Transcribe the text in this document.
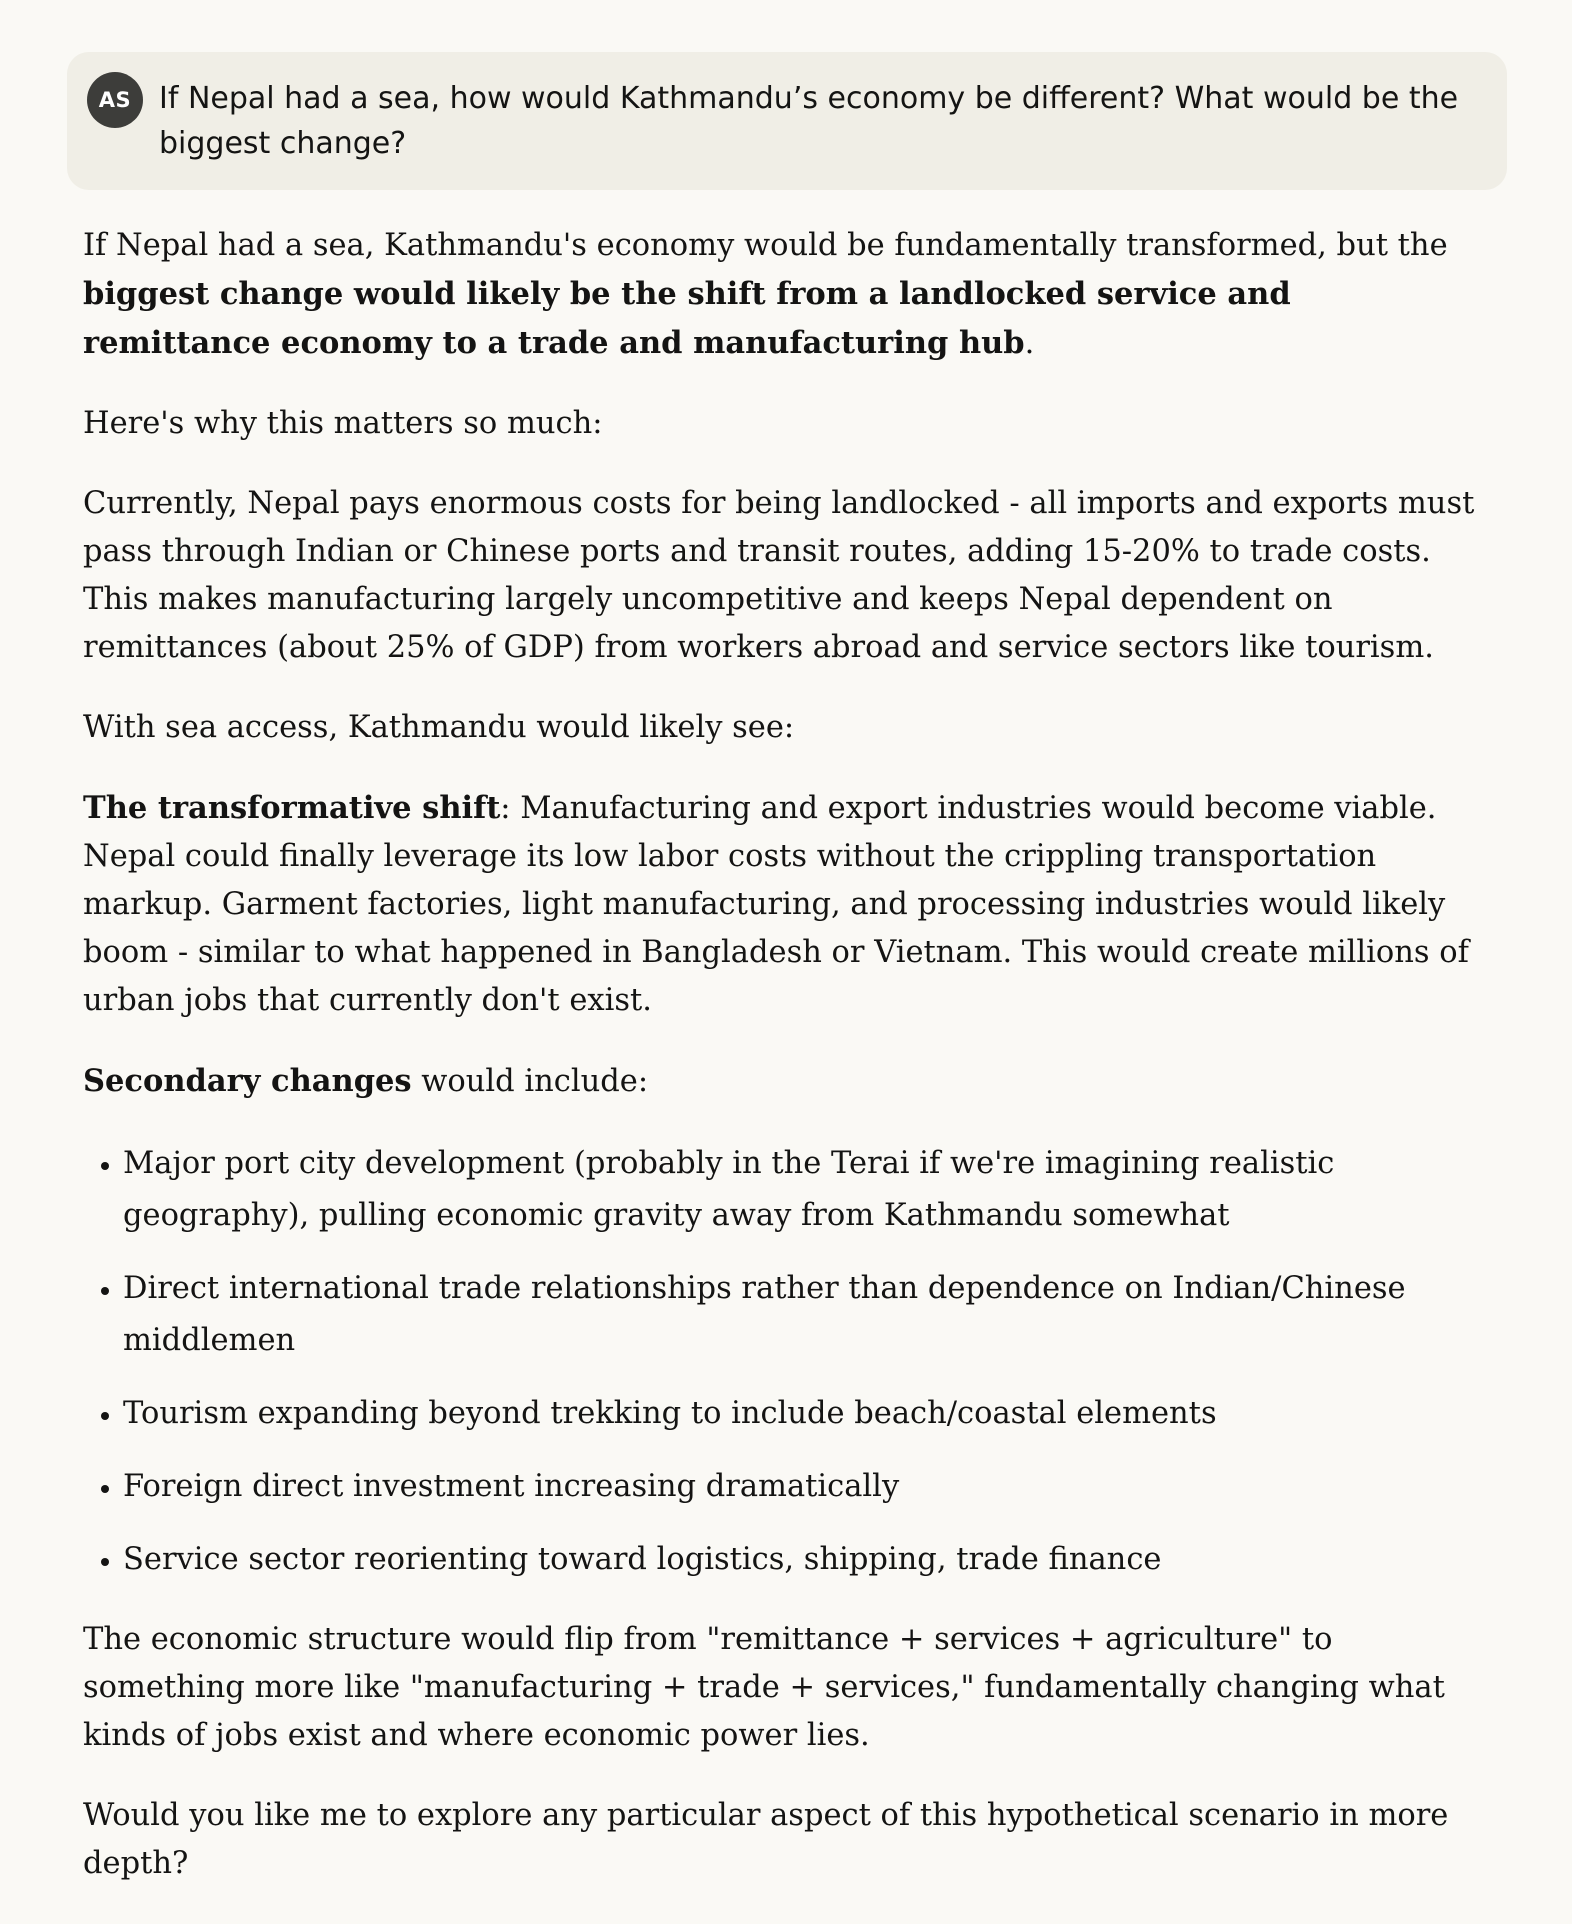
AS If Nepal had a sea, how would Kathmandu’s economy be different? What would be the biggest change?

If Nepal had a sea, Kathmandu's economy would be fundamentally transformed, but the biggest change would likely be the shift from a landlocked service and remittance economy to a trade and manufacturing hub.

Here's why this matters so much:

Currently, Nepal pays enormous costs for being landlocked - all imports and exports must pass through Indian or Chinese ports and transit routes, adding 15-20% to trade costs. This makes manufacturing largely uncompetitive and keeps Nepal dependent on remittances (about 25% of GDP) from workers abroad and service sectors like tourism.

With sea access, Kathmandu would likely see:

The transformative shift: Manufacturing and export industries would become viable. Nepal could finally leverage its low labor costs without the crippling transportation markup. Garment factories, light manufacturing, and processing industries would likely boom - similar to what happened in Bangladesh or Vietnam. This would create millions of urban jobs that currently don't exist.

Secondary changes would include:

• Major port city development (probably in the Terai if we're imagining realistic geography), pulling economic gravity away from Kathmandu somewhat
• Direct international trade relationships rather than dependence on Indian/Chinese middlemen
• Tourism expanding beyond trekking to include beach/coastal elements
• Foreign direct investment increasing dramatically
• Service sector reorienting toward logistics, shipping, trade finance

The economic structure would flip from "remittance + services + agriculture" to something more like "manufacturing + trade + services," fundamentally changing what kinds of jobs exist and where economic power lies.

Would you like me to explore any particular aspect of this hypothetical scenario in more depth?
